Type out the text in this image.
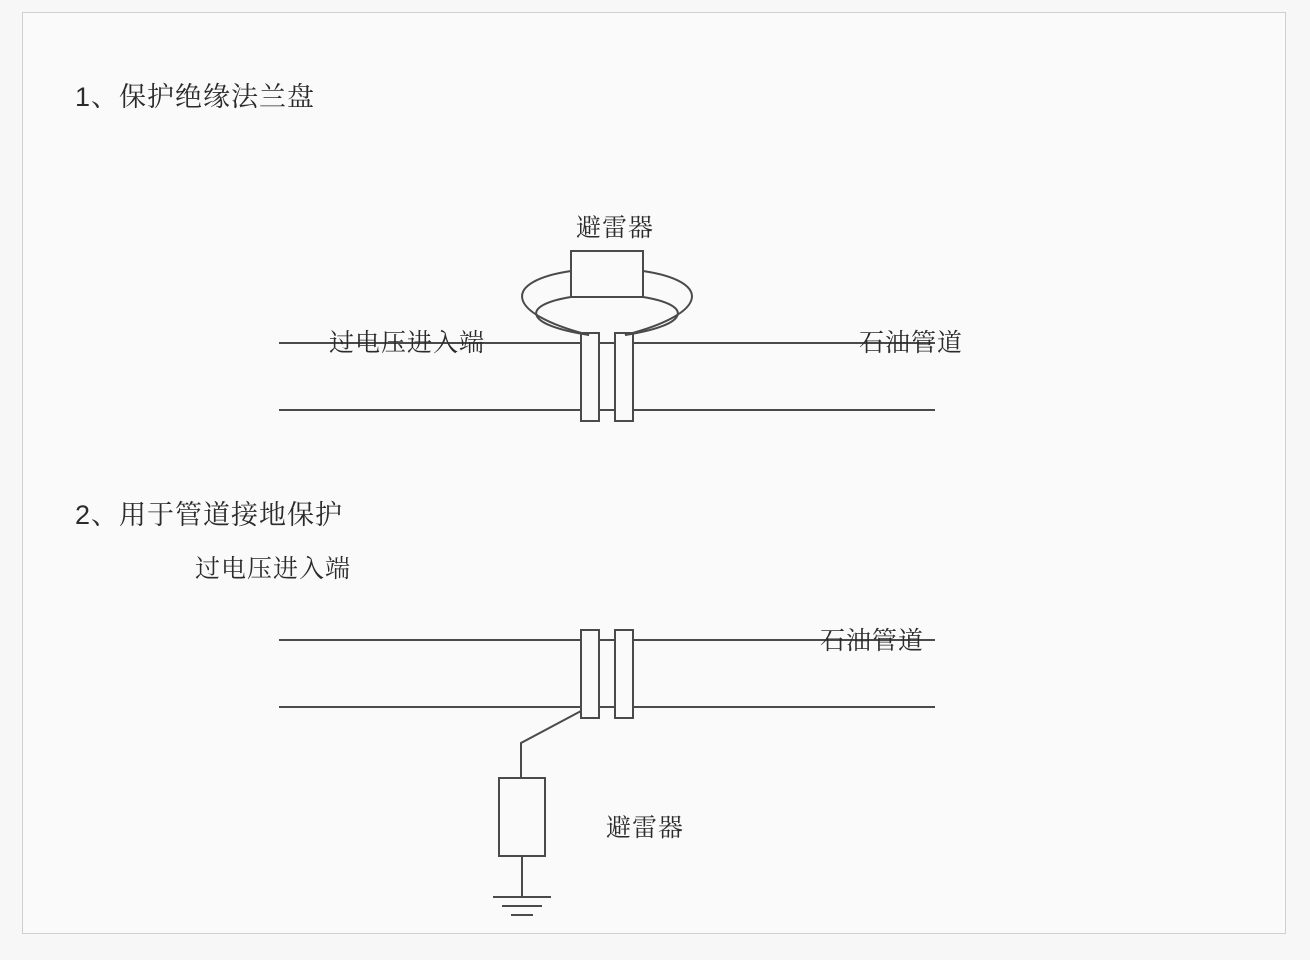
1、保护绝缘法兰盘
避雷器
过电压进入端	石油管道
2、用于管道接地保护
过电压进入端
石油管道
避雷器
